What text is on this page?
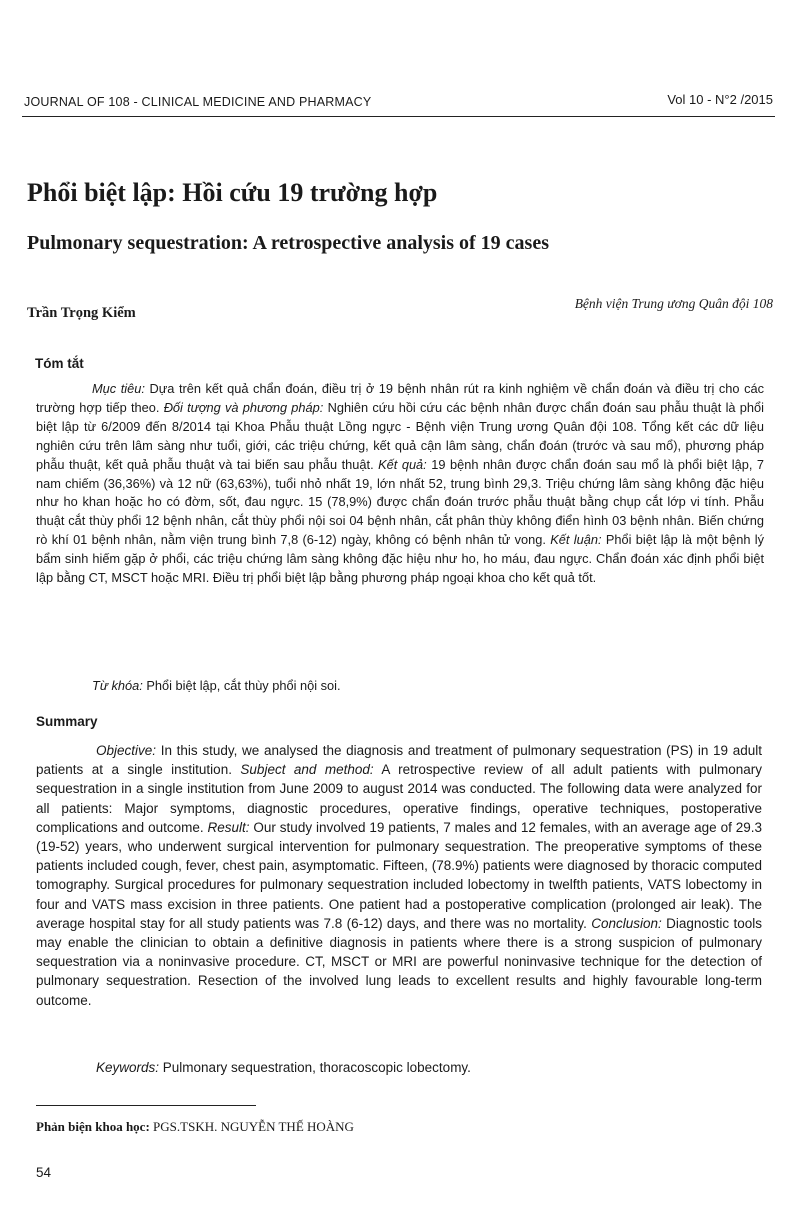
JOURNAL OF 108 - CLINICAL MEDICINE AND PHARMACY	Vol 10 - N°2 /2015
Phổi biệt lập: Hồi cứu 19 trường hợp
Pulmonary sequestration: A retrospective analysis of 19 cases
Trần Trọng Kiểm
Bệnh viện Trung ương Quân đội 108
Tóm tắt
Mục tiêu: Dựa trên kết quả chẩn đoán, điều trị ở 19 bệnh nhân rút ra kinh nghiệm về chẩn đoán và điều trị cho các trường hợp tiếp theo. Đối tượng và phương pháp: Nghiên cứu hồi cứu các bệnh nhân được chẩn đoán sau phẫu thuật là phổi biệt lập từ 6/2009 đến 8/2014 tại Khoa Phẫu thuật Lồng ngực - Bệnh viện Trung ương Quân đội 108. Tổng kết các dữ liệu nghiên cứu trên lâm sàng như tuổi, giới, các triệu chứng, kết quả cận lâm sàng, chẩn đoán (trước và sau mổ), phương pháp phẫu thuật, kết quả phẫu thuật và tai biến sau phẫu thuật. Kết quả: 19 bệnh nhân được chẩn đoán sau mổ là phổi biệt lập, 7 nam chiếm (36,36%) và 12 nữ (63,63%), tuổi nhỏ nhất 19, lớn nhất 52, trung bình 29,3. Triệu chứng lâm sàng không đặc hiệu như ho khan hoặc ho có đờm, sốt, đau ngực. 15 (78,9%) được chẩn đoán trước phẫu thuật bằng chụp cắt lớp vi tính. Phẫu thuật cắt thùy phổi 12 bệnh nhân, cắt thùy phổi nội soi 04 bệnh nhân, cắt phân thùy không điển hình 03 bệnh nhân. Biến chứng rò khí 01 bệnh nhân, nằm viện trung bình 7,8 (6-12) ngày, không có bệnh nhân tử vong. Kết luận: Phổi biệt lập là một bệnh lý bẩm sinh hiếm gặp ở phổi, các triệu chứng lâm sàng không đặc hiệu như ho, ho máu, đau ngực. Chẩn đoán xác định phổi biệt lập bằng CT, MSCT hoặc MRI. Điều trị phổi biệt lập bằng phương pháp ngoại khoa cho kết quả tốt.
Từ khóa: Phổi biệt lập, cắt thùy phổi nội soi.
Summary
Objective: In this study, we analysed the diagnosis and treatment of pulmonary sequestration (PS) in 19 adult patients at a single institution. Subject and method: A retrospective review of all adult patients with pulmonary sequestration in a single institution from June 2009 to august 2014 was conducted. The following data were analyzed for all patients: Major symptoms, diagnostic procedures, operative findings, operative techniques, postoperative complications and outcome. Result: Our study involved 19 patients, 7 males and 12 females, with an average age of 29.3 (19-52) years, who underwent surgical intervention for pulmonary sequestration. The preoperative symptoms of these patients included cough, fever, chest pain, asymptomatic. Fifteen, (78.9%) patients were diagnosed by thoracic computed tomography. Surgical procedures for pulmonary sequestration included lobectomy in twelfth patients, VATS lobectomy in four and VATS mass excision in three patients. One patient had a postoperative complication (prolonged air leak). The average hospital stay for all study patients was 7.8 (6-12) days, and there was no mortality. Conclusion: Diagnostic tools may enable the clinician to obtain a definitive diagnosis in patients where there is a strong suspicion of pulmonary sequestration via a noninvasive procedure. CT, MSCT or MRI are powerful noninvasive technique for the detection of pulmonary sequestration. Resection of the involved lung leads to excellent results and highly favourable long-term outcome.
Keywords: Pulmonary sequestration, thoracoscopic lobectomy.
Phản biện khoa học: PGS.TSKH. NGUYỄN THẾ HOÀNG
54
